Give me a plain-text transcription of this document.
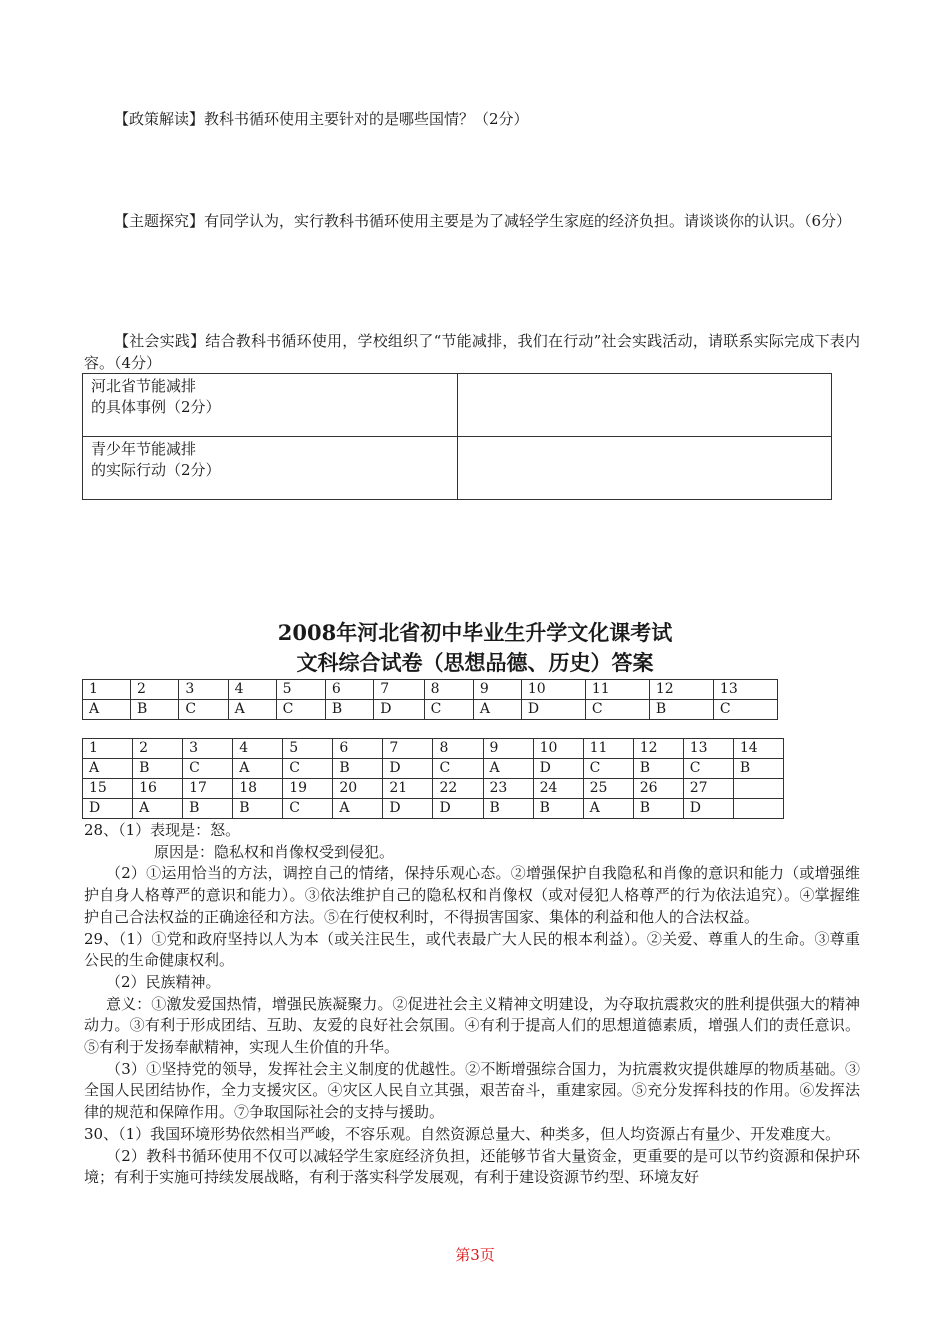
【政策解读】教科书循环使用主要针对的是哪些国情？（2分）

【主题探究】有同学认为，实行教科书循环使用主要是为了减轻学生家庭的经济负担。请谈谈你的认识。（6分）

【社会实践】结合教科书循环使用，学校组织了“节能减排，我们在行动”社会实践活动，请联系实际完成下表内容。（4分）

河北省节能减排
的具体事例（2分）	

青少年节能减排
的实际行动（2分）	

2008年河北省初中毕业生升学文化课考试
文科综合试卷（思想品德、历史）答案
1	2	3	4	5	6	7	8	9	10	11	12	13
A	B	C	A	C	B	D	C	A	D	C	B	C
1	2	3	4	5	6	7	8	9	10	11	12	13	14
A	B	C	A	C	B	D	C	A	D	C	B	C	B
15	16	17	18	19	20	21	22	23	24	25	26	27	
D	A	B	B	C	A	D	D	B	B	A	B	D	

28、（1）表现是：怒。

原因是：隐私权和肖像权受到侵犯。

（2）①运用恰当的方法，调控自己的情绪，保持乐观心态。②增强保护自我隐私和肖像的意识和能力（或增强维护自身人格尊严的意识和能力）。③依法维护自己的隐私权和肖像权（或对侵犯人格尊严的行为依法追究）。④掌握维护自己合法权益的正确途径和方法。⑤在行使权利时，不得损害国家、集体的利益和他人的合法权益。

29、（1）①党和政府坚持以人为本（或关注民生，或代表最广大人民的根本利益）。②关爱、尊重人的生命。③尊重公民的生命健康权利。

（2）民族精神。

意义：①激发爱国热情，增强民族凝聚力。②促进社会主义精神文明建设，为夺取抗震救灾的胜利提供强大的精神动力。③有利于形成团结、互助、友爱的良好社会氛围。④有利于提高人们的思想道德素质，增强人们的责任意识。⑤有利于发扬奉献精神，实现人生价值的升华。

（3）①坚持党的领导，发挥社会主义制度的优越性。②不断增强综合国力，为抗震救灾提供雄厚的物质基础。③全国人民团结协作，全力支援灾区。④灾区人民自立其强，艰苦奋斗，重建家园。⑤充分发挥科技的作用。⑥发挥法律的规范和保障作用。⑦争取国际社会的支持与援助。

30、（1）我国环境形势依然相当严峻，不容乐观。自然资源总量大、种类多，但人均资源占有量少、开发难度大。

（2）教科书循环使用不仅可以减轻学生家庭经济负担，还能够节省大量资金，更重要的是可以节约资源和保护环境；有利于实施可持续发展战略，有利于落实科学发展观，有利于建设资源节约型、环境友好

第3页
